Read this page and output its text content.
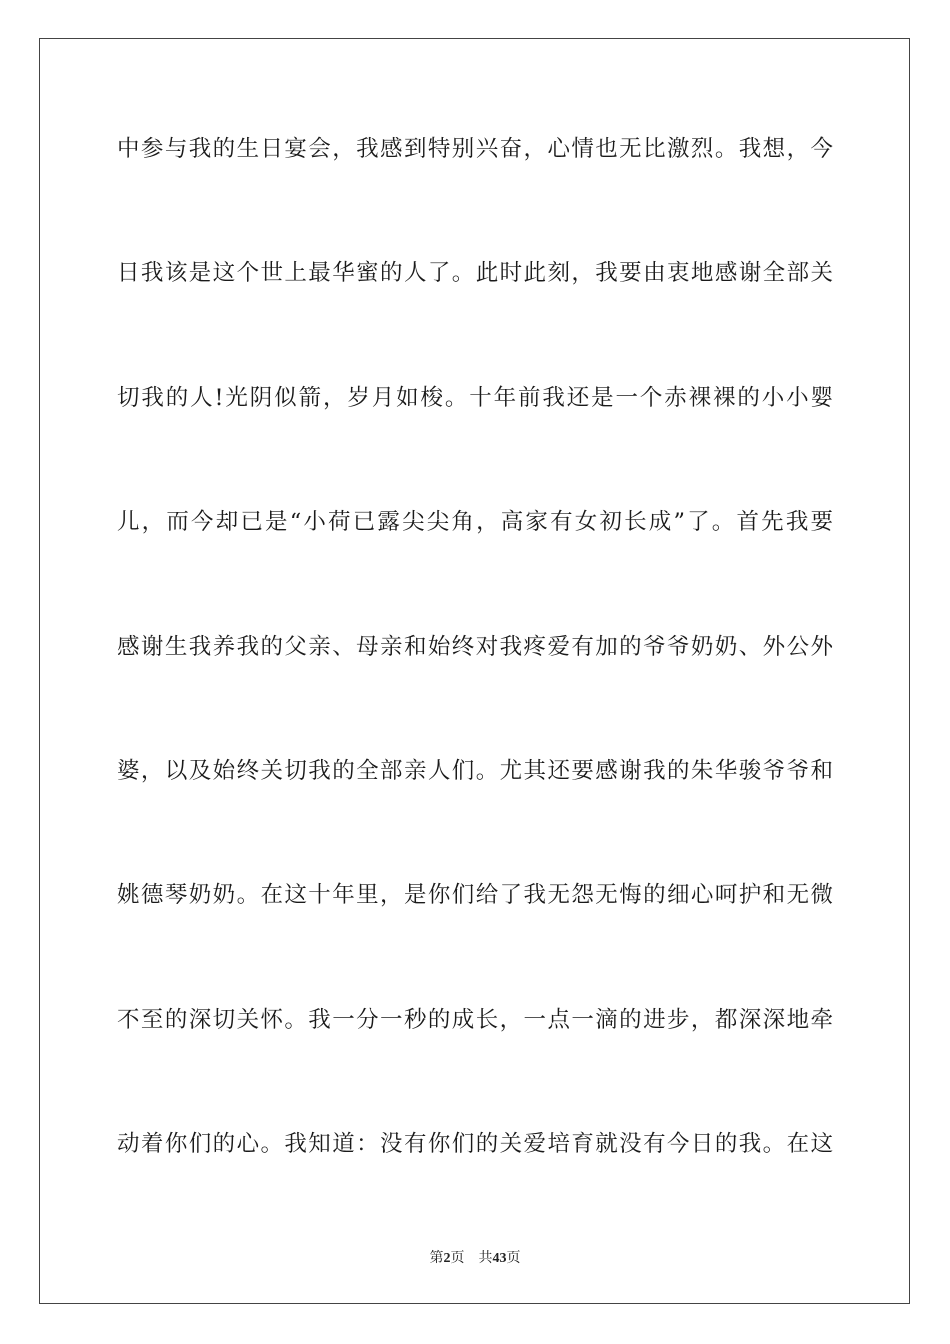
中参与我的生日宴会，我感到特别兴奋，心情也无比激烈。我想，今
日我该是这个世上最华蜜的人了。此时此刻，我要由衷地感谢全部关
切我的人!光阴似箭，岁月如梭。十年前我还是一个赤裸裸的小小婴
儿，而今却已是“小荷已露尖尖角，高家有女初长成”了。首先我要
感谢生我养我的父亲、母亲和始终对我疼爱有加的爷爷奶奶、外公外
婆，以及始终关切我的全部亲人们。尤其还要感谢我的朱华骏爷爷和
姚德琴奶奶。在这十年里，是你们给了我无怨无悔的细心呵护和无微
不至的深切关怀。我一分一秒的成长，一点一滴的进步，都深深地牵
动着你们的心。我知道：没有你们的关爱培育就没有今日的我。在这
第2页 共43页
